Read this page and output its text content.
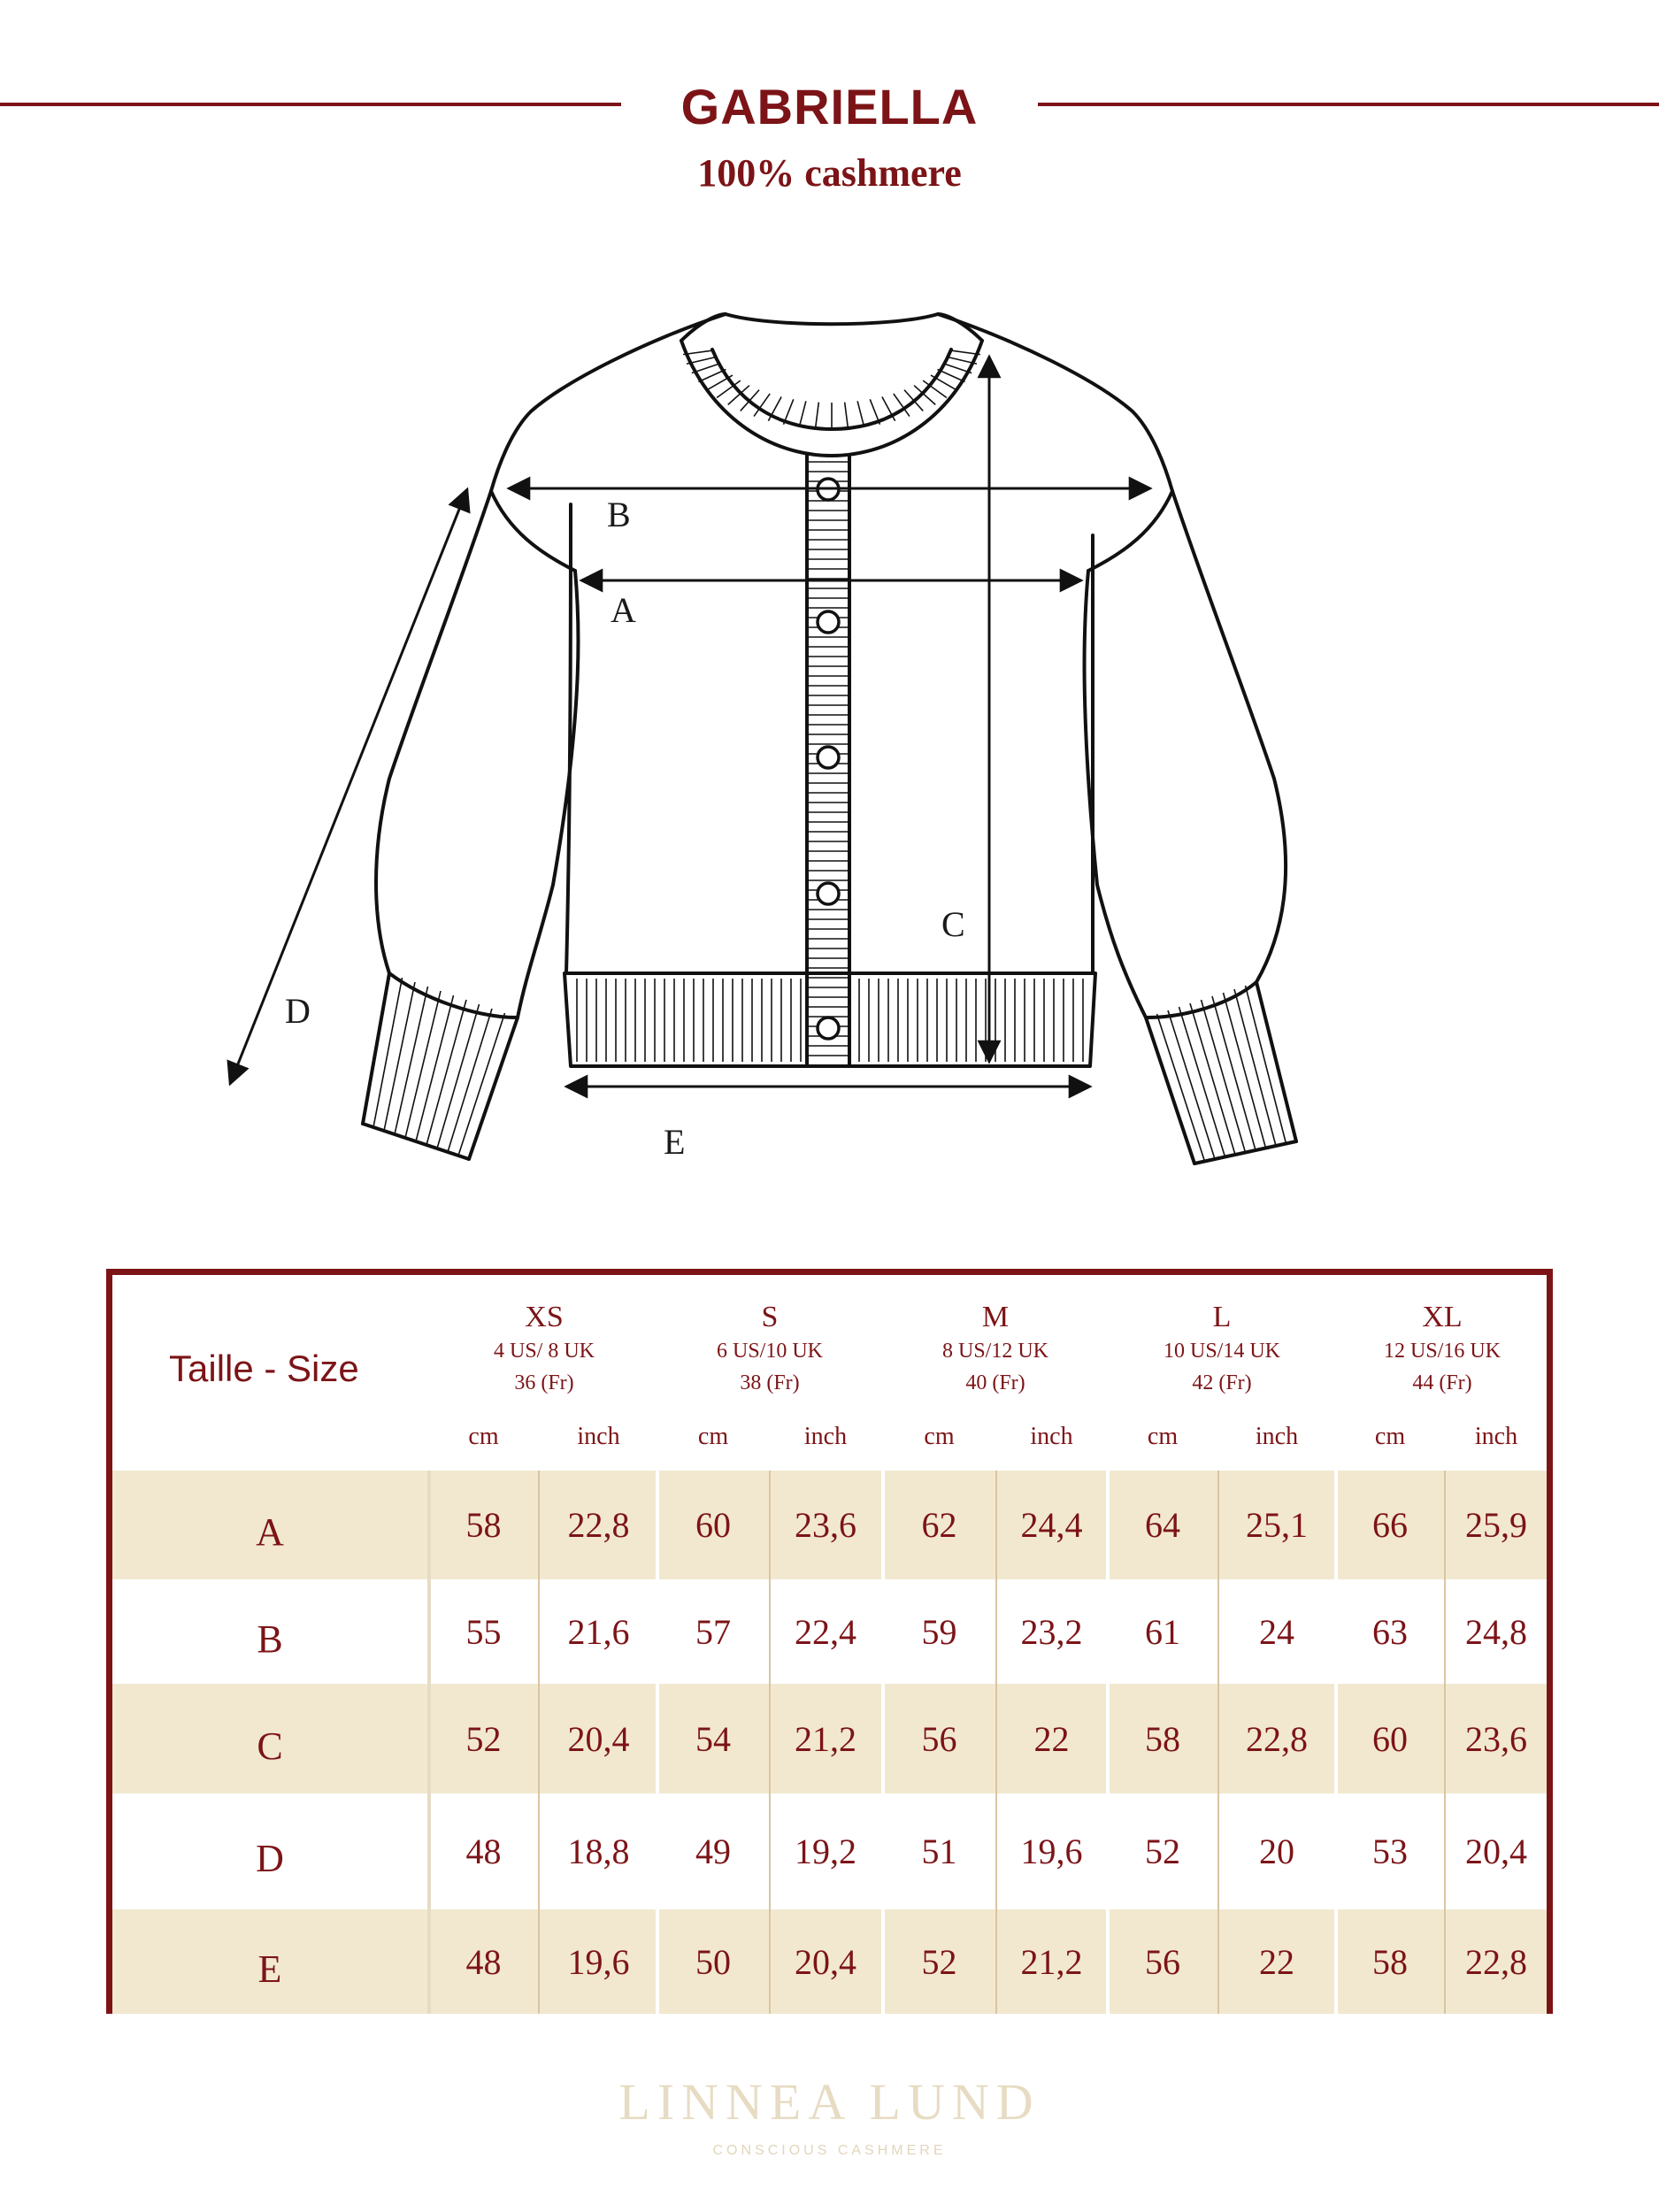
GABRIELLA
100% cashmere
B
A
C
D
E
Taille - Size
XS
4 US/ 8 UK
36 (Fr)
cm	inch
S
6 US/10 UK
38 (Fr)
cm	inch
M
8 US/12 UK
40 (Fr)
cm	inch
L
10 US/14 UK
42 (Fr)
cm	inch
XL
12 US/16 UK
44 (Fr)
cm	inch
A	58	22,8	60	23,6	62	24,4	64	25,1	66	25,9
B	55	21,6	57	22,4	59	23,2	61	24	63	24,8
C	52	20,4	54	21,2	56	22	58	22,8	60	23,6
D	48	18,8	49	19,2	51	19,6	52	20	53	20,4
E	48	19,6	50	20,4	52	21,2	56	22	58	22,8
LINNEA LUND
CONSCIOUS CASHMERE
